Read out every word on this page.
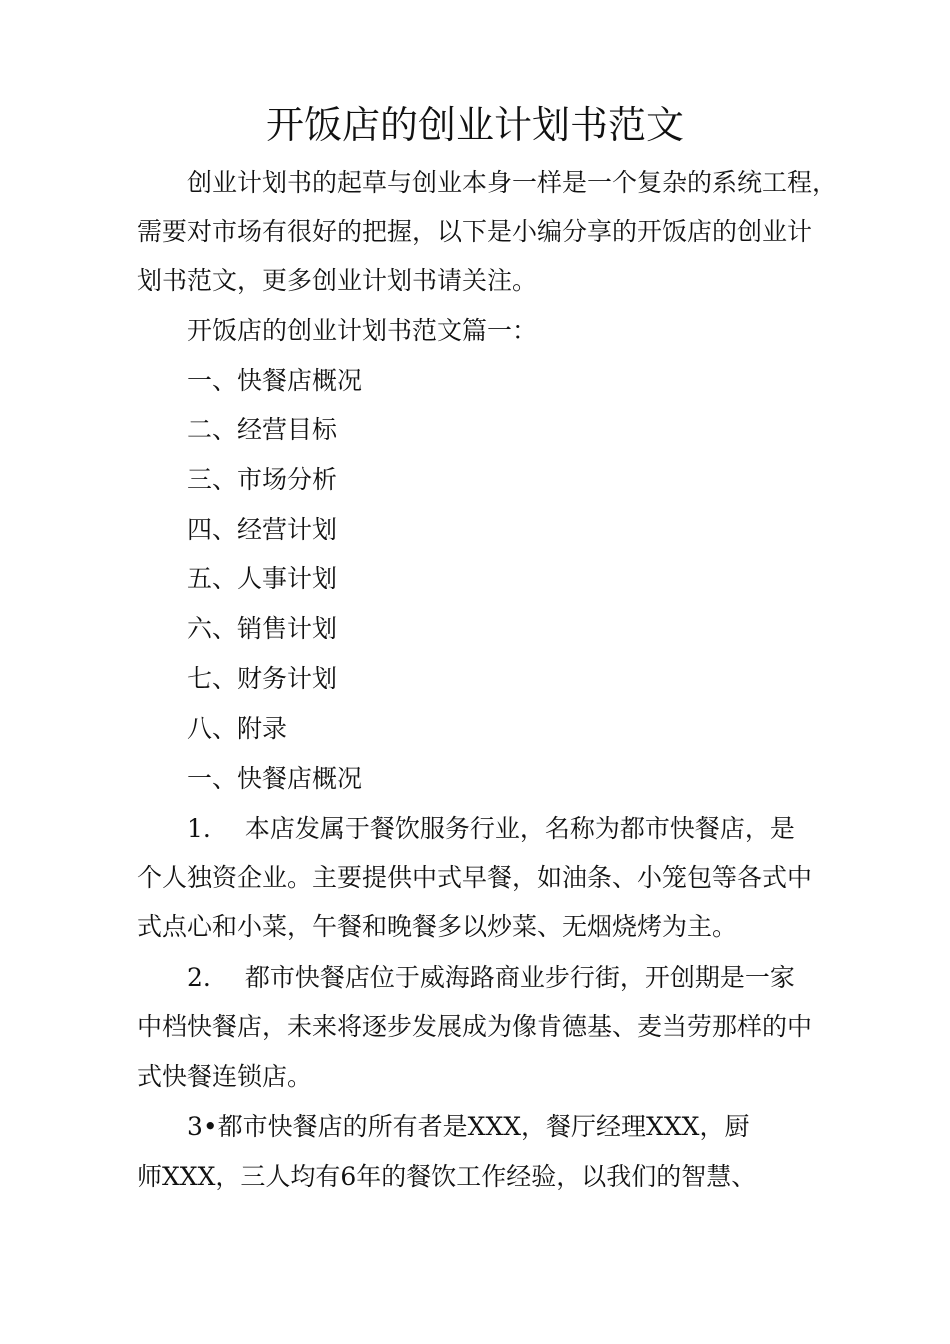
开饭店的创业计划书范文

创业计划书的起草与创业本身一样是一个复杂的系统工程，

需要对市场有很好的把握，以下是小编分享的开饭店的创业计

划书范文，更多创业计划书请关注。

开饭店的创业计划书范文篇一：

一、快餐店概况

二、经营目标

三、市场分析

四、经营计划

五、人事计划

六、销售计划

七、财务计划

八、附录

一、快餐店概况

1. 本店发属于餐饮服务行业，名称为都市快餐店，是

个人独资企业。主要提供中式早餐，如油条、小笼包等各式中

式点心和小菜，午餐和晚餐多以炒菜、无烟烧烤为主。

2. 都市快餐店位于威海路商业步行街，开创期是一家

中档快餐店，未来将逐步发展成为像肯德基、麦当劳那样的中

式快餐连锁店。

3•都市快餐店的所有者是XXX，餐厅经理XXX，厨

师XXX，三人均有6年的餐饮工作经验，以我们的智慧、
